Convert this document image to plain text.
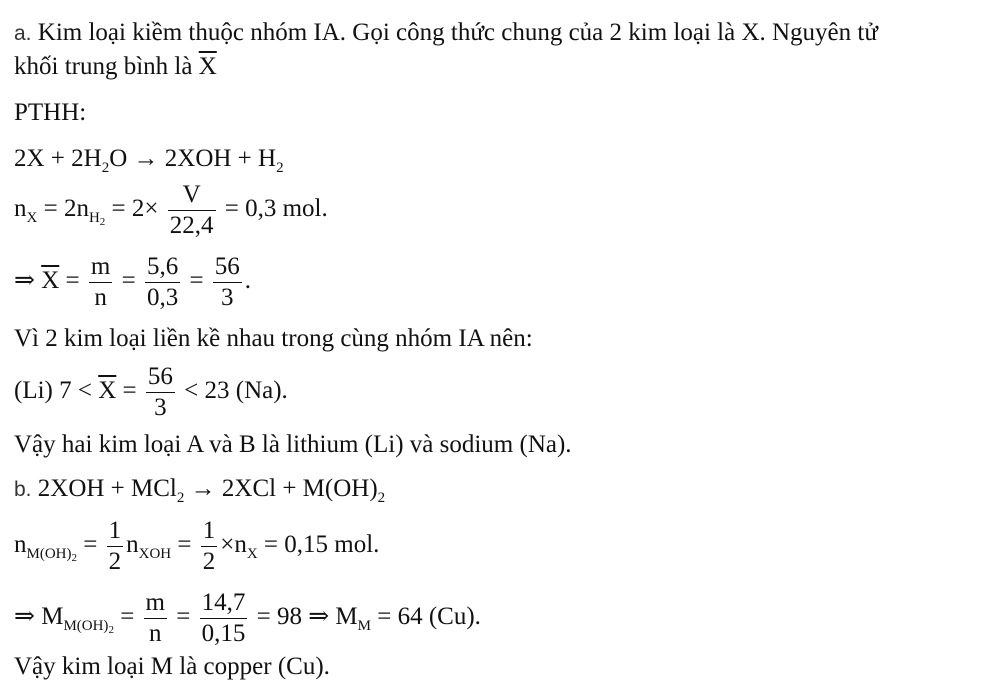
a. Kim loại kiềm thuộc nhóm IA. Gọi công thức chung của 2 kim loại là X. Nguyên tử
khối trung bình là $\overline{X}$
PTHH:
$2X + 2H_2O \to 2XOH + H_2$
$n_X = 2n_{H_2} = 2\times \frac{V}{22,4} = 0,3$ mol.
⇒ $\overline{X} = \frac{m}{n} = \frac{5,6}{0,3} = \frac{56}{3}$ .
Vì 2 kim loại liền kề nhau trong cùng nhóm IA nên:
(Li) $7 < \overline{X} = \frac{56}{3} < 23$ (Na).
Vậy hai kim loại A và B là lithium (Li) và sodium (Na).
b. $2XOH + MCl_2 \to 2XCl + M(OH)_2$
$n_{M(OH)_2} = \frac{1}{2} n_{XOH} = \frac{1}{2} \times n_X = 0,15$ mol.
⇒ $M_{M(OH)_2} = \frac{m}{n} = \frac{14,7}{0,15} = 98$ ⇒ $M_M = 64$ (Cu).
Vậy kim loại M là copper (Cu).
